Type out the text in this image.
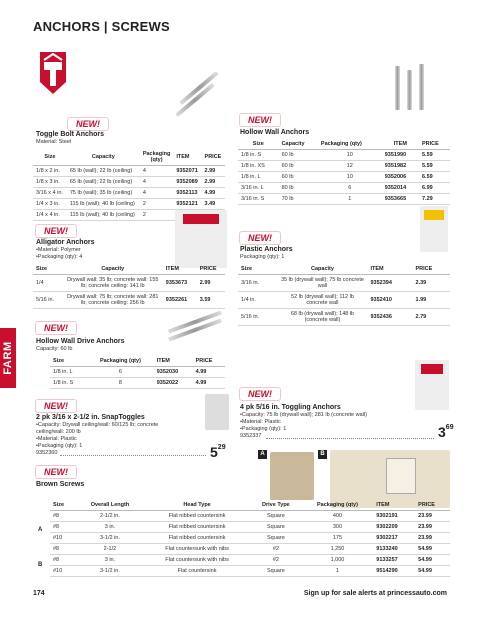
ANCHORS | SCREWS
FARM
NEW!
Toggle Bolt Anchors
Material: Steel
Size	Capacity	Packaging (qty)	ITEM	PRICE
1/8 x 2 in.	65 lb (wall); 22 lb (ceiling)	4	9352071	2.99
1/8 x 3 in.	65 lb (wall); 22 lb (ceiling)	4	9352089	2.99
3/16 x 4 in.	75 lb (wall); 35 lb (ceiling)	4	9352113	4.99
1/4 x 3 in.	115 lb (wall); 40 lb (ceiling)	2	9352121	3.49
1/4 x 4 in.	115 lb (wall); 40 lb (ceiling)	2		
NEW!
Hollow Wall Anchors
Size	Capacity	Packaging (qty)	ITEM	PRICE
1/8 in. S	60 lb	10	9351990	5.59
1/8 in. XS	60 lb	12	9351982	5.59
1/8 in. L	60 lb	10	9352006	6.59
3/16 in. L	80 lb	6	9352014	6.99
3/16 in. S	70 lb	1	9353665	7.29
NEW!
Alligator Anchors
•Material: Polymer
•Packaging (qty): 4
Size	Capacity	ITEM	PRICE
1/4	Drywall wall: 35 lb; concrete wall: 155 lb; concrete ceiling: 141 lb	9353673	2.99
5/16 in.	Drywall wall: 75 lb; concrete wall: 281 lb; concrete ceiling: 256 lb	9352261	3.59
NEW!
Plastic Anchors
Packaging (qty): 1
Size	Capacity	ITEM	PRICE
3/16 in.	35 lb (drywall wall); 75 lb concrete wall	9352394	2.39
1/4 in.	52 lb (drywall wall); 112 lb concrete wall	9352410	1.99
5/16 in.	68 lb (drywall wall); 148 lb (concrete wall)	9352436	2.79
NEW!
Hollow Wall Drive Anchors
Capacity: 60 lb
Size	Packaging (qty)	ITEM	PRICE
1/8 in. L	6	9352030	4.99
1/8 in. S	8	9352022	4.99
NEW!
2 pk 3/16 x 2-1/2 in. SnapToggles
•Capacity: Drywall ceiling/wall: 60/125 lb; concrete ceiling/wall: 200 lb
•Material: Plastic
•Packaging (qty): 1
9352360	$5^{29}$
NEW!
4 pk 5/16 in. Toggling Anchors
•Capacity: 75 lb (drywall wall); 281 lb (concrete wall)
•Material: Plastic
•Packaging (qty): 1
9352337	$3^{69}$
A	B
NEW!
Brown Screws
A
B
Size	Overall Length	Head Type	Drive Type	Packaging (qty)	ITEM	PRICE
#8	2-1/2 in.	Flat nibbed countersink	Square	400	9302191	23.99
#8	3 in.	Flat nibbed countersink	Square	300	9302209	23.99
#10	3-1/2 in.	Flat nibbed countersink	Square	175	9302217	23.99
#8	2-1/2	Flat countersunk with nibs	#2	1,250	9133240	54.99
#8	3 in.	Flat countersunk with nibs	#2	1,000	9133257	54.99
#10	3-1/2 in.	Flat countersink	Square	1	9514290	54.99
174	Sign up for sale alerts at princessauto.com
